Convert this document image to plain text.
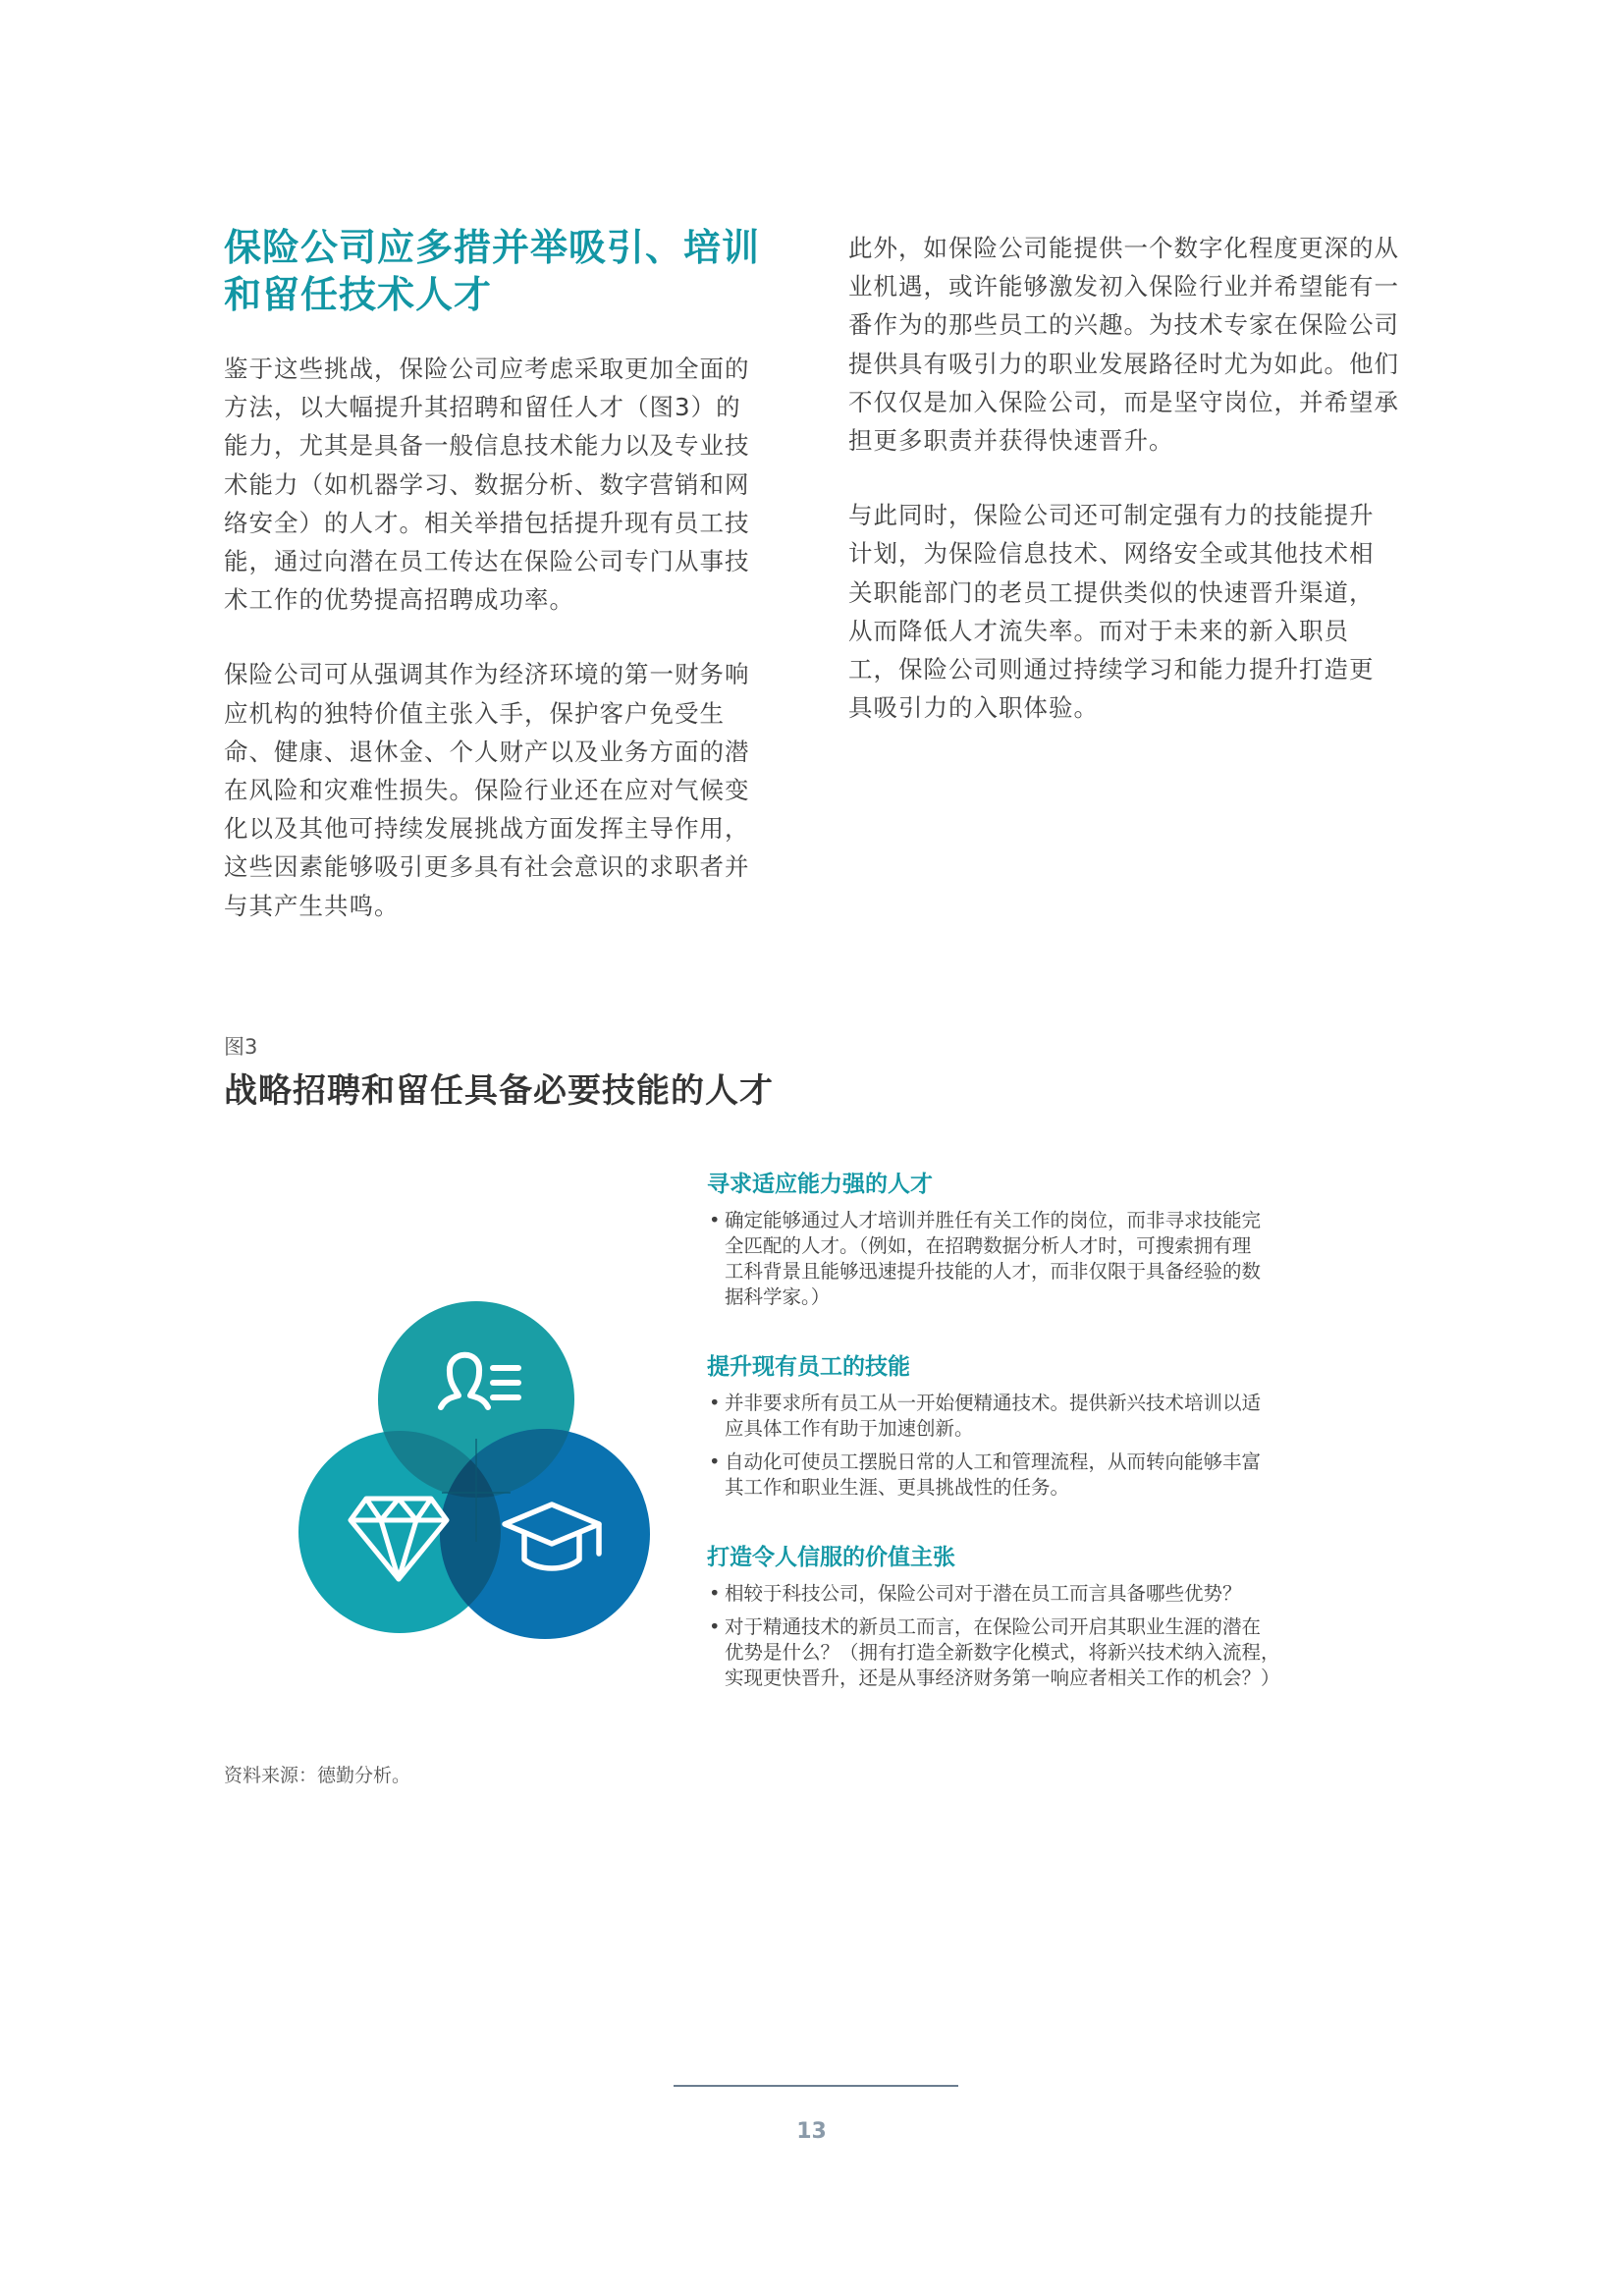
保险公司应多措并举吸引、培训
和留任技术人才

鉴于这些挑战，保险公司应考虑采取更加全面的
方法，以大幅提升其招聘和留任人才（图3）的
能力，尤其是具备一般信息技术能力以及专业技
术能力（如机器学习、数据分析、数字营销和网
络安全）的人才。相关举措包括提升现有员工技
能，通过向潜在员工传达在保险公司专门从事技
术工作的优势提高招聘成功率。

保险公司可从强调其作为经济环境的第一财务响
应机构的独特价值主张入手，保护客户免受生
命、健康、退休金、个人财产以及业务方面的潜
在风险和灾难性损失。保险行业还在应对气候变
化以及其他可持续发展挑战方面发挥主导作用，
这些因素能够吸引更多具有社会意识的求职者并
与其产生共鸣。

此外，如保险公司能提供一个数字化程度更深的从
业机遇，或许能够激发初入保险行业并希望能有一
番作为的那些员工的兴趣。为技术专家在保险公司
提供具有吸引力的职业发展路径时尤为如此。他们
不仅仅是加入保险公司，而是坚守岗位，并希望承
担更多职责并获得快速晋升。

与此同时，保险公司还可制定强有力的技能提升
计划，为保险信息技术、网络安全或其他技术相
关职能部门的老员工提供类似的快速晋升渠道，
从而降低人才流失率。而对于未来的新入职员
工，保险公司则通过持续学习和能力提升打造更
具吸引力的入职体验。

图3
战略招聘和留任具备必要技能的人才
寻求适应能力强的人才
• 确定能够通过人才培训并胜任有关工作的岗位，而非寻求技能完
全匹配的人才。（例如，在招聘数据分析人才时，可搜索拥有理
工科背景且能够迅速提升技能的人才，而非仅限于具备经验的数
据科学家。）
提升现有员工的技能
• 并非要求所有员工从一开始便精通技术。提供新兴技术培训以适
应具体工作有助于加速创新。
• 自动化可使员工摆脱日常的人工和管理流程，从而转向能够丰富
其工作和职业生涯、更具挑战性的任务。
打造令人信服的价值主张
• 相较于科技公司，保险公司对于潜在员工而言具备哪些优势？
• 对于精通技术的新员工而言，在保险公司开启其职业生涯的潜在
优势是什么？（拥有打造全新数字化模式，将新兴技术纳入流程，
实现更快晋升，还是从事经济财务第一响应者相关工作的机会？）
资料来源：德勤分析。
13
